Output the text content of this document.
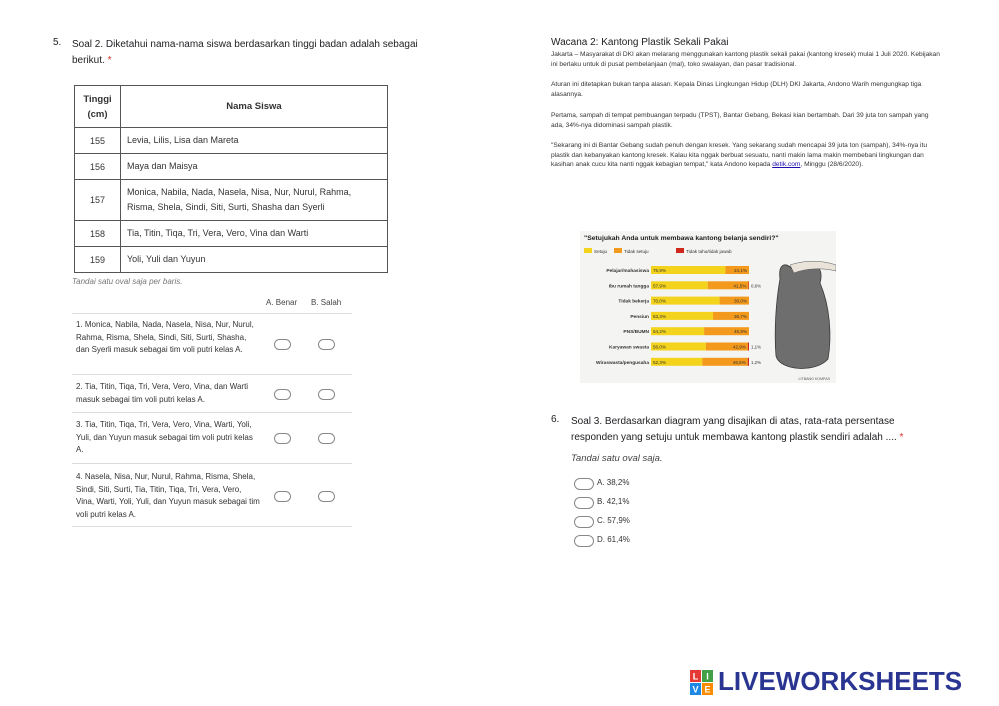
5. Soal 2. Diketahui nama-nama siswa berdasarkan tinggi badan adalah sebagai berikut. *
Tinggi
(cm)	Nama Siswa
155	Levia, Lilis, Lisa dan Mareta
156	Maya dan Maisya
157	Monica, Nabila, Nada, Nasela, Nisa, Nur, Nurul, Rahma, Risma, Shela, Sindi, Siti, Surti, Shasha dan Syerli
158	Tia, Titin, Tiqa, Tri, Vera, Vero, Vina dan Warti
159	Yoli, Yuli dan Yuyun
Tandai satu oval saja per baris.
A. Benar B. Salah
1. Monica, Nabila, Nada, Nasela, Nisa, Nur, Nurul, Rahma, Risma, Shela, Sindi, Siti, Surti, Shasha, dan Syerli masuk sebagai tim voli putri kelas A.
2. Tia, Titin, Tiqa, Tri, Vera, Vero, Vina, dan Warti masuk sebagai tim voli putri kelas A.
3. Tia, Titin, Tiqa, Tri, Vera, Vero, Vina, Warti, Yoli, Yuli, dan Yuyun masuk sebagai tim voli putri kelas A.
4. Nasela, Nisa, Nur, Nurul, Rahma, Risma, Shela, Sindi, Siti, Surti, Tia, Titin, Tiqa, Tri, Vera, Vero, Vina, Warti, Yoli, Yuli, dan Yuyun masuk sebagai tim voli putri kelas A.
Wacana 2: Kantong Plastik Sekali Pakai
Jakarta – Masyarakat di DKI akan melarang menggunakan kantong plastik sekali pakai (kantong kresek) mulai 1 Juli 2020. Kebijakan ini berlaku untuk di pusat pembelanjaan (mal), toko swalayan, dan pasar tradisional.
Aturan ini ditetapkan bukan tanpa alasan. Kepala Dinas Lingkungan Hidup (DLH) DKI Jakarta, Andono Warih mengungkap tiga alasannya.
Pertama, sampah di tempat pembuangan terpadu (TPST), Bantar Gebang, Bekasi kian bertambah. Dari 39 juta ton sampah yang ada, 34%-nya didominasi sampah plastik.
"Sekarang ini di Bantar Gebang sudah penuh dengan kresek. Yang sekarang sudah mencapai 39 juta ton (sampah), 34%-nya itu plastik dan kebanyakan kantong kresek. Kalau kita nggak berbuat sesuatu, nanti makin lama makin membebani lingkungan dan kasihan anak cucu kita nanti nggak kebagian tempat," kata Andono kepada detik.com, Minggu (28/6/2020).
"Setujukah Anda untuk membawa kantong belanja sendiri?"
Setuju	Tidak setuju	Tidak tahu/tidak jawab
Pelajar/mahasiswa 75,9%	24,1%
Ibu rumah tangga 57,9%	41,5% 0,6%
Tidak bekerja 70,0%	30,0%
Pensiun 63,3%	36,7%
PNS/BUMN 54,2%	45,8%
Karyawan swasta 56,0%	42,9% 1,1%
Wiraswasta/pengusaha 52,3%	46,5% 1,2%
LITBANG KOMPAS
6. Soal 3. Berdasarkan diagram yang disajikan di atas, rata-rata persentase responden yang setuju untuk membawa kantong plastik sendiri adalah .... *
Tandai satu oval saja.
A. 38,2%
B. 42,1%
C. 57,9%
D. 61,4%
L I
V E LIVEWORKSHEETS
